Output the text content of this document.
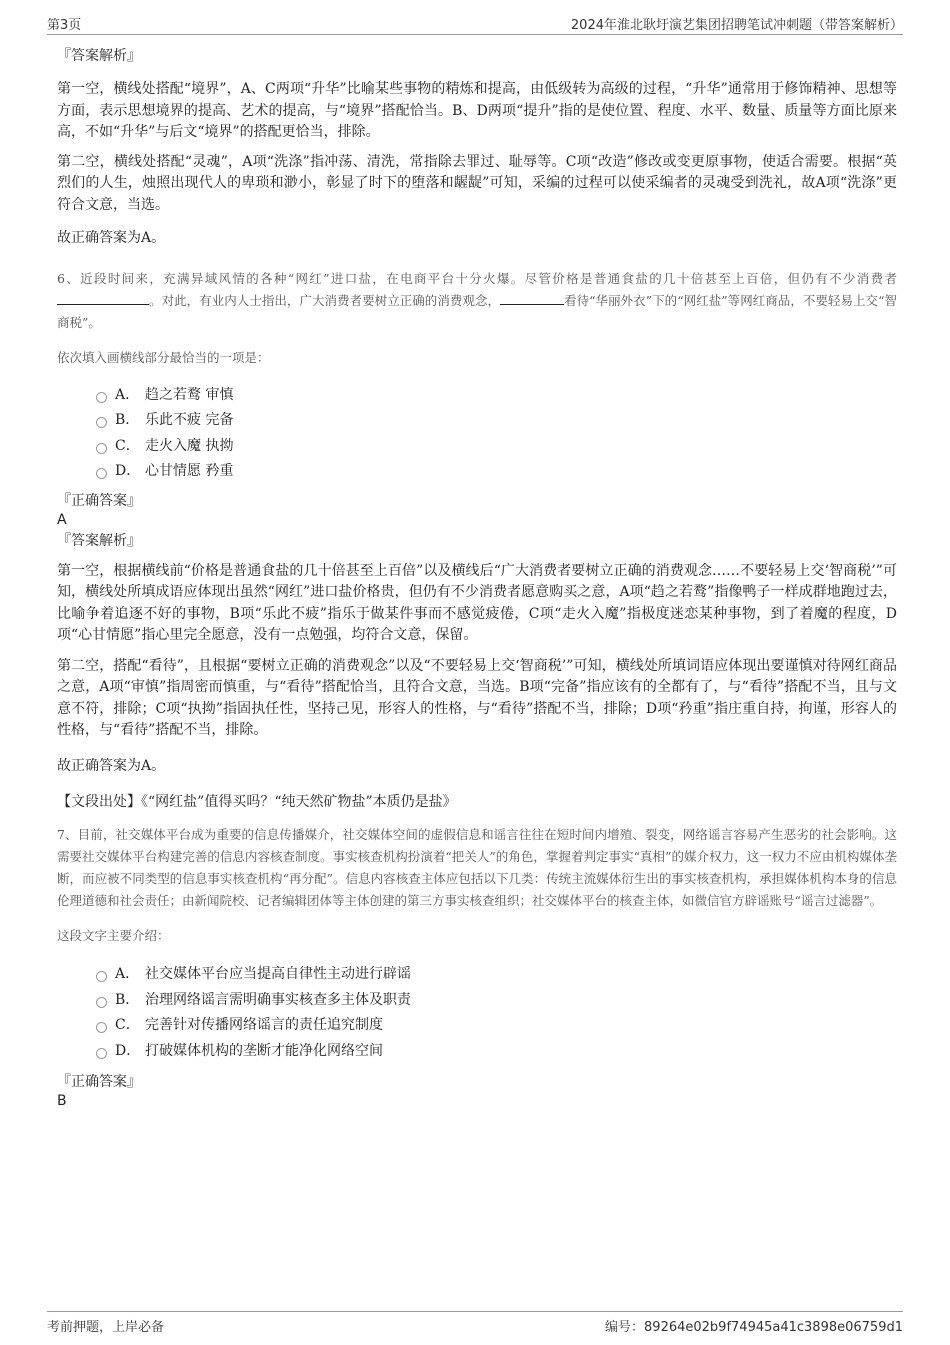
第3页	2024年淮北耿圩演艺集团招聘笔试冲刺题（带答案解析）

『答案解析』

第一空，横线处搭配“境界”，A、C两项“升华”比喻某些事物的精炼和提高，由低级转为高级的过程，“升华”通常用于修饰精神、思想等方面，表示思想境界的提高、艺术的提高，与“境界”搭配恰当。B、D两项“提升”指的是使位置、程度、水平、数量、质量等方面比原来高，不如“升华”与后文“境界”的搭配更恰当，排除。

第二空，横线处搭配“灵魂”，A项“洗涤”指冲荡、清洗，常指除去罪过、耻辱等。C项“改造”修改或变更原事物，使适合需要。根据“英烈们的人生，烛照出现代人的卑琐和渺小，彰显了时下的堕落和龌龊”可知，采编的过程可以使采编者的灵魂受到洗礼，故A项“洗涤”更符合文意，当选。

故正确答案为A。

6、近段时间来，充满异域风情的各种“网红”进口盐，在电商平台十分火爆。尽管价格是普通食盐的几十倍甚至上百倍，但仍有不少消费者。对此，有业内人士指出，广大消费者要树立正确的消费观念，	看待“华丽外衣”下的“网红盐”等网红商品，不要轻易上交“智商税”。

依次填入画横线部分最恰当的一项是：

A． 趋之若鹜 审慎
B． 乐此不疲 完备
C． 走火入魔 执拗
D． 心甘情愿 矜重

『正确答案』

A

『答案解析』

第一空，根据横线前“价格是普通食盐的几十倍甚至上百倍”以及横线后“广大消费者要树立正确的消费观念……不要轻易上交‘智商税’”可知，横线处所填成语应体现出虽然“网红”进口盐价格贵，但仍有不少消费者愿意购买之意，A项“趋之若鹜”指像鸭子一样成群地跑过去，比喻争着追逐不好的事物，B项“乐此不疲”指乐于做某件事而不感觉疲倦，C项“走火入魔”指极度迷恋某种事物，到了着魔的程度，D项“心甘情愿”指心里完全愿意，没有一点勉强，均符合文意，保留。

第二空，搭配“看待”，且根据“要树立正确的消费观念”以及“不要轻易上交‘智商税’”可知，横线处所填词语应体现出要谨慎对待网红商品之意，A项“审慎”指周密而慎重，与“看待”搭配恰当，且符合文意，当选。B项“完备”指应该有的全都有了，与“看待”搭配不当，且与文意不符，排除；C项“执拗”指固执任性，坚持己见，形容人的性格，与“看待”搭配不当，排除；D项“矜重”指庄重自持，拘谨，形容人的性格，与“看待”搭配不当，排除。

故正确答案为A。

【文段出处】《“网红盐”值得买吗？“纯天然矿物盐”本质仍是盐》

7、目前，社交媒体平台成为重要的信息传播媒介，社交媒体空间的虚假信息和谣言往往在短时间内增殖、裂变，网络谣言容易产生恶劣的社会影响。这需要社交媒体平台构建完善的信息内容核查制度。事实核查机构扮演着“把关人”的角色，掌握着判定事实“真相”的媒介权力，这一权力不应由机构媒体垄断，而应被不同类型的信息事实核查机构“再分配”。信息内容核查主体应包括以下几类：传统主流媒体衍生出的事实核查机构，承担媒体机构本身的信息伦理道德和社会责任；由新闻院校、记者编辑团体等主体创建的第三方事实核查组织；社交媒体平台的核查主体，如微信官方辟谣账号“谣言过滤器”。

这段文字主要介绍：

A． 社交媒体平台应当提高自律性主动进行辟谣
B． 治理网络谣言需明确事实核查多主体及职责
C． 完善针对传播网络谣言的责任追究制度
D． 打破媒体机构的垄断才能净化网络空间

『正确答案』

B

考前押题，上岸必备	编号：89264e02b9f74945a41c3898e06759d1
